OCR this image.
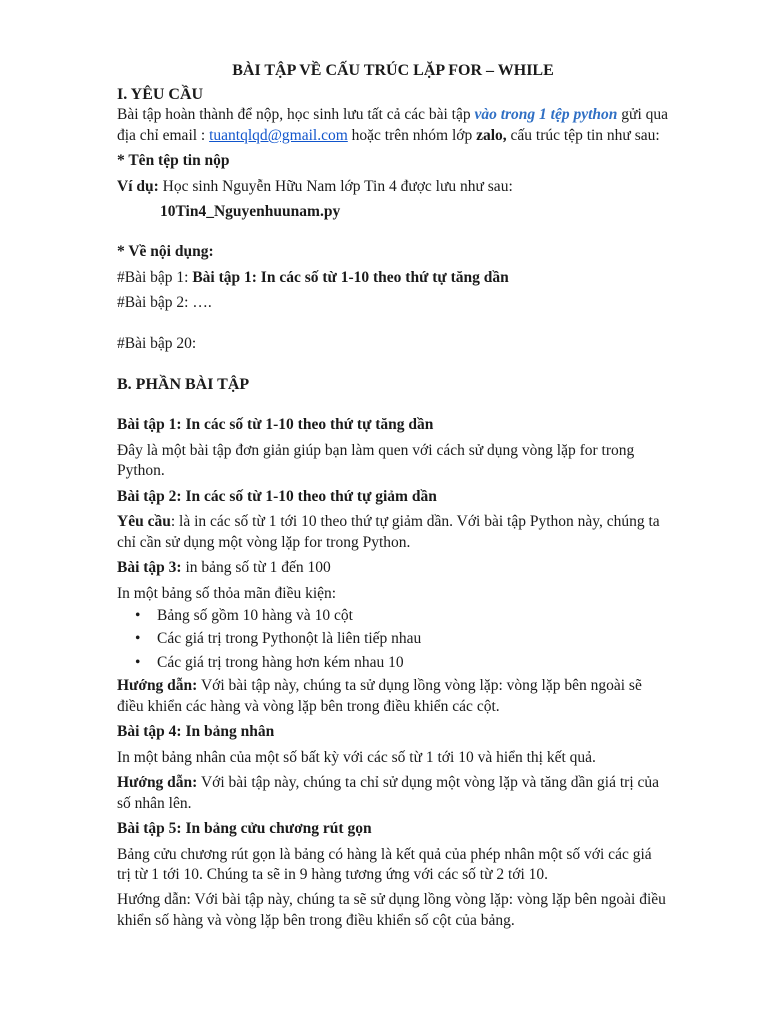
BÀI TẬP VỀ CẤU TRÚC LẶP FOR – WHILE

I. YÊU CẦU

Bài tập hoàn thành để nộp, học sinh lưu tất cả các bài tập vào trong 1 tệp python gửi qua địa chỉ email : tuantqlqd@gmail.com hoặc trên nhóm lớp zalo, cấu trúc tệp tin như sau:

* Tên tệp tin nộp

Ví dụ: Học sinh Nguyễn Hữu Nam lớp Tin 4 được lưu như sau:

10Tin4_Nguyenhuunam.py

* Về nội dụng:

#Bài bập 1: Bài tập 1: In các số từ 1-10 theo thứ tự tăng dần

#Bài bập 2: ….

#Bài bập 20:

B. PHẦN BÀI TẬP

Bài tập 1: In các số từ 1-10 theo thứ tự tăng dần

Đây là một bài tập đơn giản giúp bạn làm quen với cách sử dụng vòng lặp for trong Python.

Bài tập 2: In các số từ 1-10 theo thứ tự giảm dần

Yêu cầu: là in các số từ 1 tới 10 theo thứ tự giảm dần. Với bài tập Python này, chúng ta chỉ cần sử dụng một vòng lặp for trong Python.

Bài tập 3: in bảng số từ 1 đến 100

In một bảng số thỏa mãn điều kiện:

• Bảng số gồm 10 hàng và 10 cột
• Các giá trị trong Pythonột là liên tiếp nhau
• Các giá trị trong hàng hơn kém nhau 10

Hướng dẫn: Với bài tập này, chúng ta sử dụng lồng vòng lặp: vòng lặp bên ngoài sẽ điều khiển các hàng và vòng lặp bên trong điều khiển các cột.

Bài tập 4: In bảng nhân

In một bảng nhân của một số bất kỳ với các số từ 1 tới 10 và hiển thị kết quả.

Hướng dẫn: Với bài tập này, chúng ta chỉ sử dụng một vòng lặp và tăng dần giá trị của số nhân lên.

Bài tập 5: In bảng cửu chương rút gọn

Bảng cửu chương rút gọn là bảng có hàng là kết quả của phép nhân một số với các giá trị từ 1 tới 10. Chúng ta sẽ in 9 hàng tương ứng với các số từ 2 tới 10.

Hướng dẫn: Với bài tập này, chúng ta sẽ sử dụng lồng vòng lặp: vòng lặp bên ngoài điều khiển số hàng và vòng lặp bên trong điều khiển số cột của bảng.
